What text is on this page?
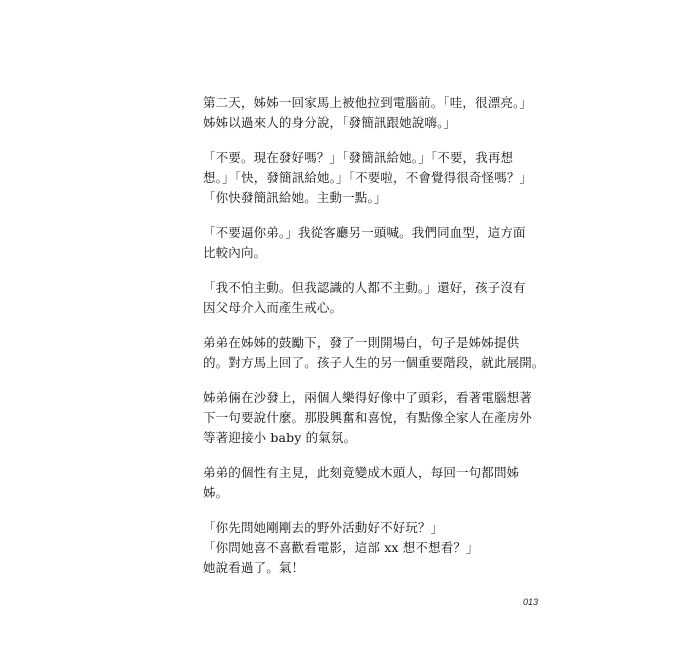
第二天，姊姊一回家馬上被他拉到電腦前。「哇，很漂亮。」
姊姊以過來人的身分說，「發簡訊跟她說嗨。」
「不要。現在發好嗎？」「發簡訊給她。」「不要，我再想
想。」「快，發簡訊給她。」「不要啦，不會覺得很奇怪嗎？」
「你快發簡訊給她。主動一點。」
「不要逼你弟。」我從客廳另一頭喊。我們同血型，這方面
比較內向。
「我不怕主動。但我認識的人都不主動。」還好，孩子沒有
因父母介入而產生戒心。
弟弟在姊姊的鼓勵下，發了一則開場白，句子是姊姊提供
的。對方馬上回了。孩子人生的另一個重要階段，就此展開。
姊弟倆在沙發上，兩個人樂得好像中了頭彩，看著電腦想著
下一句要說什麼。那股興奮和喜悅，有點像全家人在產房外
等著迎接小 baby 的氣氛。
弟弟的個性有主見，此刻竟變成木頭人，每回一句都問姊
姊。
「你先問她剛剛去的野外活動好不好玩？」
「你問她喜不喜歡看電影，這部 xx 想不想看？」
她說看過了。氣！
013
